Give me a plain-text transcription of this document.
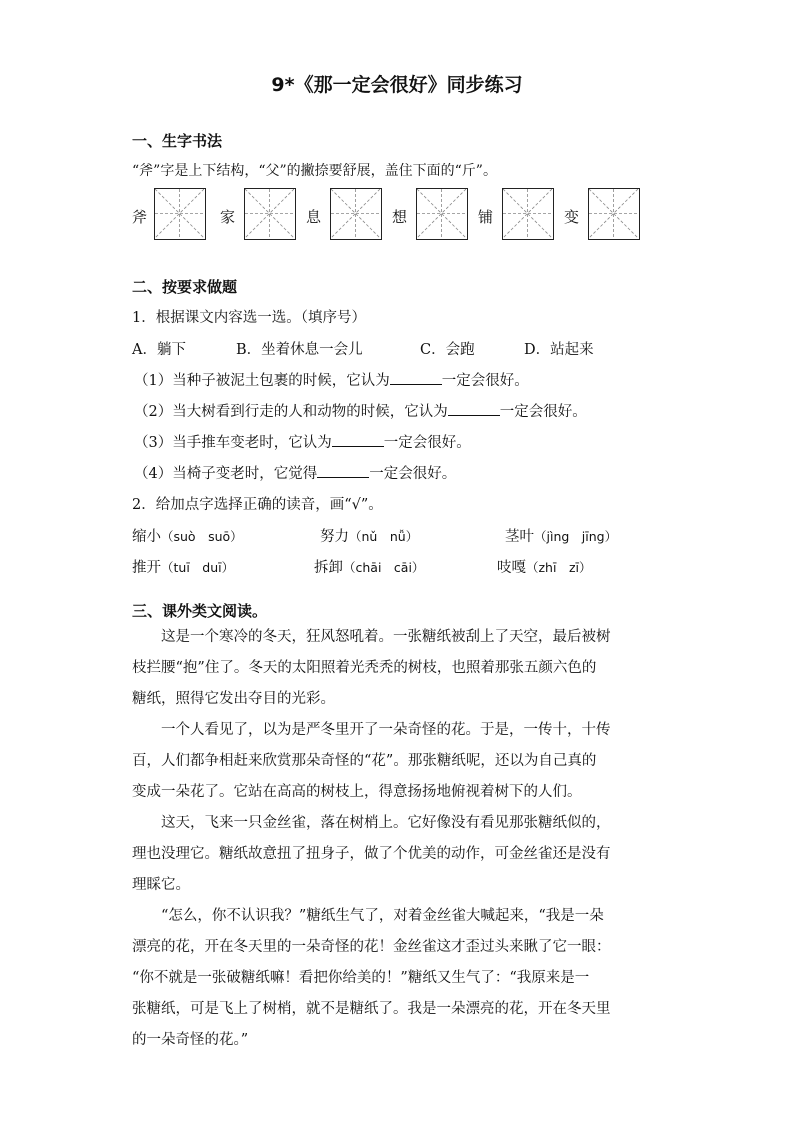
9*《那一定会很好》同步练习
一、生字书法
“斧”字是上下结构，“父”的撇捺要舒展，盖住下面的“斤”。
斧	家	息	想	铺	变
二、按要求做题
1．根据课文内容选一选。（填序号）
A．躺下	B．坐着休息一会儿	C．会跑	D．站起来
（1）当种子被泥土包裹的时候，它认为	一定会很好。
（2）当大树看到行走的人和动物的时候，它认为	一定会很好。
（3）当手推车变老时，它认为	一定会很好。
（4）当椅子变老时，它觉得	一定会很好。
2．给加点字选择正确的读音，画“√”。
缩小（suò　suō）	努力（nǔ　nǚ）	茎叶（jìng　jīng）
推开（tuī　duī）	拆卸（chāi　cāi）	吱嘎（zhī　zī）
三、课外类文阅读。

　　这是一个寒冷的冬天，狂风怒吼着。一张糖纸被刮上了天空，最后被树

枝拦腰“抱”住了。冬天的太阳照着光秃秃的树枝，也照着那张五颜六色的

糖纸，照得它发出夺目的光彩。

　　一个人看见了，以为是严冬里开了一朵奇怪的花。于是，一传十，十传

百，人们都争相赶来欣赏那朵奇怪的“花”。那张糖纸呢，还以为自己真的

变成一朵花了。它站在高高的树枝上，得意扬扬地俯视着树下的人们。

　　这天，飞来一只金丝雀，落在树梢上。它好像没有看见那张糖纸似的，

理也没理它。糖纸故意扭了扭身子，做了个优美的动作，可金丝雀还是没有

理睬它。

　　“怎么，你不认识我？”糖纸生气了，对着金丝雀大喊起来，“我是一朵

漂亮的花，开在冬天里的一朵奇怪的花！金丝雀这才歪过头来瞅了它一眼：

“你不就是一张破糖纸嘛！看把你给美的！”糖纸又生气了：“我原来是一

张糖纸，可是飞上了树梢，就不是糖纸了。我是一朵漂亮的花，开在冬天里

的一朵奇怪的花。”
